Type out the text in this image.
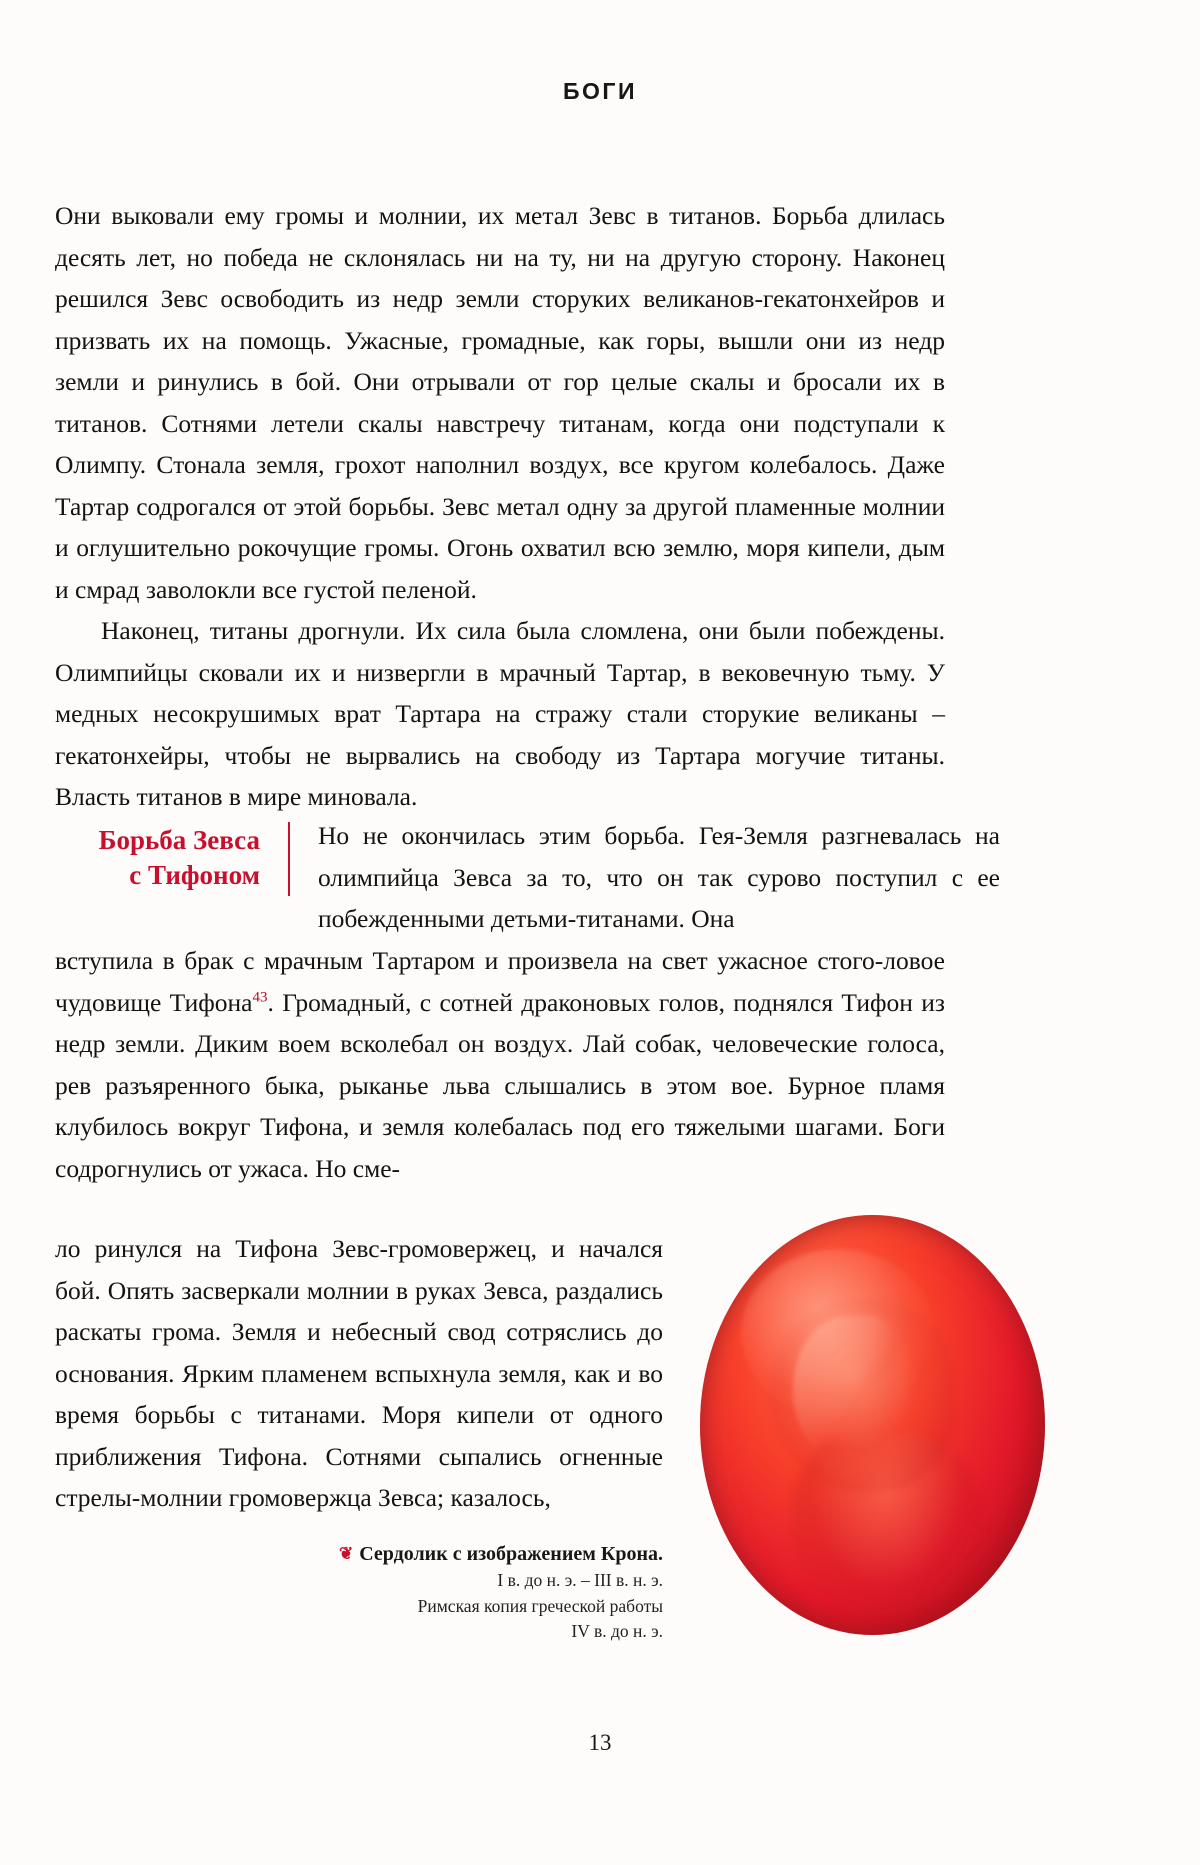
БОГИ

Они выковали ему громы и молнии, их метал Зевс в титанов. Борьба длилась десять лет, но победа не склонялась ни на ту, ни на другую сторону. Наконец решился Зевс освободить из недр земли сторуких великанов-гекатонхейров и призвать их на помощь. Ужасные, громадные, как горы, вышли они из недр земли и ринулись в бой. Они отрывали от гор целые скалы и бросали их в титанов. Сотнями летели скалы навстречу титанам, когда они подступали к Олимпу. Стонала земля, грохот наполнил воздух, все кругом колебалось. Даже Тартар содрогался от этой борьбы. Зевс метал одну за другой пламенные молнии и оглушительно рокочущие громы. Огонь охватил всю землю, моря кипели, дым и смрад заволокли все густой пеленой.

Наконец, титаны дрогнули. Их сила была сломлена, они были побеждены. Олимпийцы сковали их и низвергли в мрачный Тартар, в вековечную тьму. У медных несокрушимых врат Тартара на стражу стали сторукие великаны – гекатонхейры, чтобы не вырвались на свободу из Тартара могучие титаны. Власть титанов в мире миновала.

Борьба Зевса
с Тифоном
Но не окончилась этим борьба. Гея-Земля разгневалась на олимпийца Зевса за то, что он так сурово поступил с ее побежденными детьми-титанами. Она
вступила в брак с мрачным Тартаром и произвела на свет ужасное стого-ловое чудовище Тифона$^{43}$. Громадный, с сотней драконовых голов, поднялся Тифон из недр земли. Диким воем всколебал он воздух. Лай собак, человеческие голоса, рев разъяренного быка, рыканье льва слышались в этом вое. Бурное пламя клубилось вокруг Тифона, и земля колебалась под его тяжелыми шагами. Боги содрогнулись от ужаса. Но сме-
ло ринулся на Тифона Зевс-громовержец, и начался бой. Опять засверкали молнии в руках Зевса, раздались раскаты грома. Земля и небесный свод сотряслись до основания. Ярким пламенем вспыхнула земля, как и во время борьбы с титанами. Моря кипели от одного приближения Тифона. Сотнями сыпались огненные стрелы-молнии громовержца Зевса; казалось,
❦ Сердолик с изображением Крона.
I в. до н. э. – III в. н. э.
Римская копия греческой работы
IV в. до н. э.
13
